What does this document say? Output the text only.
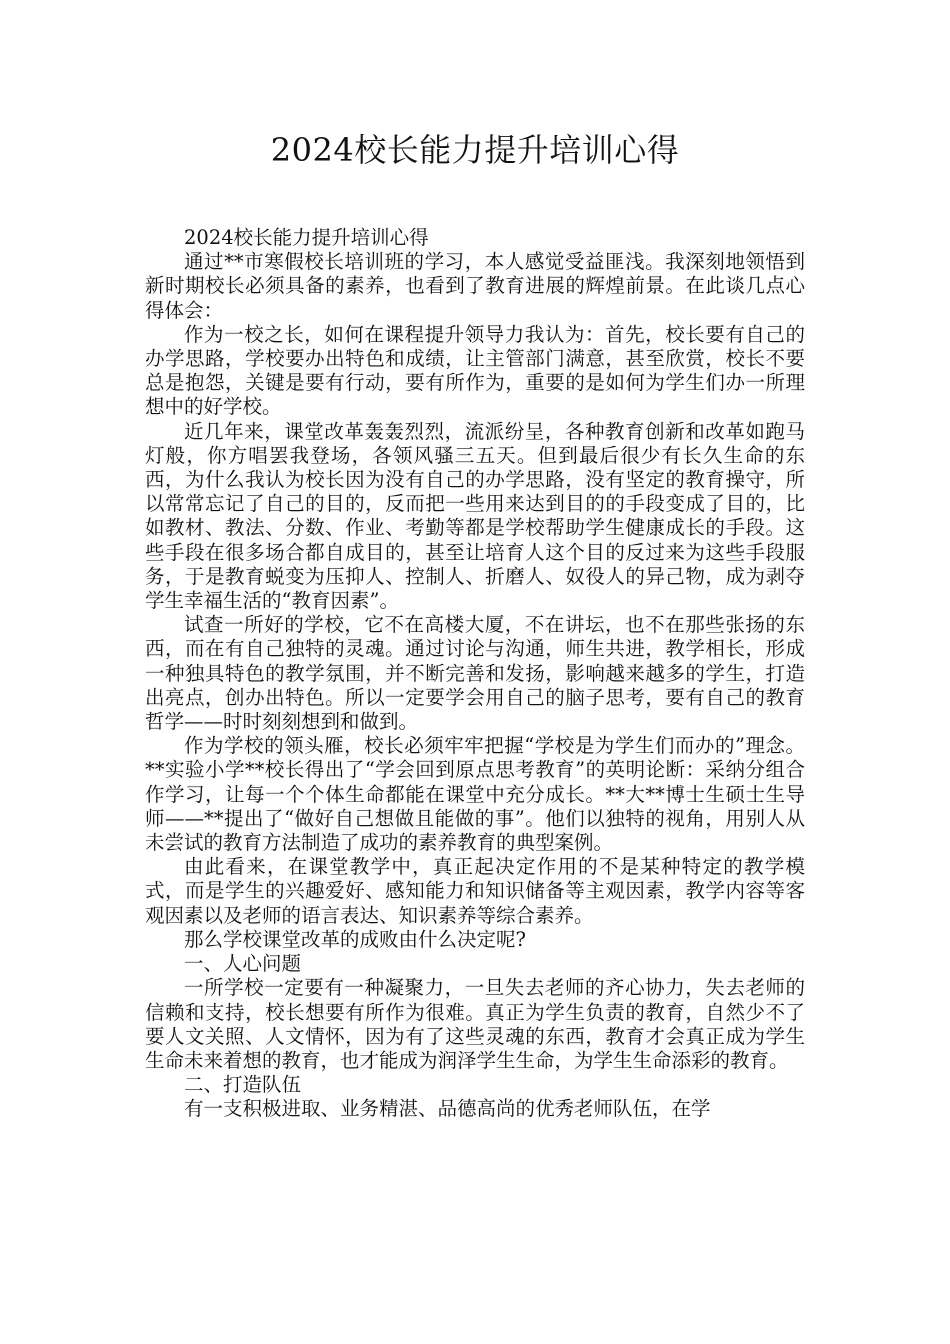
2024校长能力提升培训心得

2024校长能力提升培训心得

通过**市寒假校长培训班的学习，本人感觉受益匪浅。我深刻地领悟到新时期校长必须具备的素养，也看到了教育进展的辉煌前景。在此谈几点心得体会：

作为一校之长，如何在课程提升领导力我认为：首先，校长要有自己的办学思路，学校要办出特色和成绩，让主管部门满意，甚至欣赏，校长不要总是抱怨，关键是要有行动，要有所作为，重要的是如何为学生们办一所理想中的好学校。

近几年来，课堂改革轰轰烈烈，流派纷呈，各种教育创新和改革如跑马灯般，你方唱罢我登场，各领风骚三五天。但到最后很少有长久生命的东西，为什么我认为校长因为没有自己的办学思路，没有坚定的教育操守，所以常常忘记了自己的目的，反而把一些用来达到目的的手段变成了目的，比如教材、教法、分数、作业、考勤等都是学校帮助学生健康成长的手段。这些手段在很多场合都自成目的，甚至让培育人这个目的反过来为这些手段服务，于是教育蜕变为压抑人、控制人、折磨人、奴役人的异己物，成为剥夺学生幸福生活的“教育因素”。

试查一所好的学校，它不在高楼大厦，不在讲坛，也不在那些张扬的东西，而在有自己独特的灵魂。通过讨论与沟通，师生共进，教学相长，形成一种独具特色的教学氛围，并不断完善和发扬，影响越来越多的学生，打造出亮点，创办出特色。所以一定要学会用自己的脑子思考，要有自己的教育哲学——时时刻刻想到和做到。

作为学校的领头雁，校长必须牢牢把握“学校是为学生们而办的”理念。**实验小学**校长得出了“学会回到原点思考教育”的英明论断：采纳分组合作学习，让每一个个体生命都能在课堂中充分成长。**大**博士生硕士生导师——**提出了“做好自己想做且能做的事”。他们以独特的视角，用别人从未尝试的教育方法制造了成功的素养教育的典型案例。

由此看来，在课堂教学中，真正起决定作用的不是某种特定的教学模式，而是学生的兴趣爱好、感知能力和知识储备等主观因素，教学内容等客观因素以及老师的语言表达、知识素养等综合素养。

那么学校课堂改革的成败由什么决定呢?

一、人心问题

一所学校一定要有一种凝聚力，一旦失去老师的齐心协力，失去老师的信赖和支持，校长想要有所作为很难。真正为学生负责的教育，自然少不了要人文关照、人文情怀，因为有了这些灵魂的东西，教育才会真正成为学生生命未来着想的教育，也才能成为润泽学生生命，为学生生命添彩的教育。

二、打造队伍

有一支积极进取、业务精湛、品德高尚的优秀老师队伍，在学
